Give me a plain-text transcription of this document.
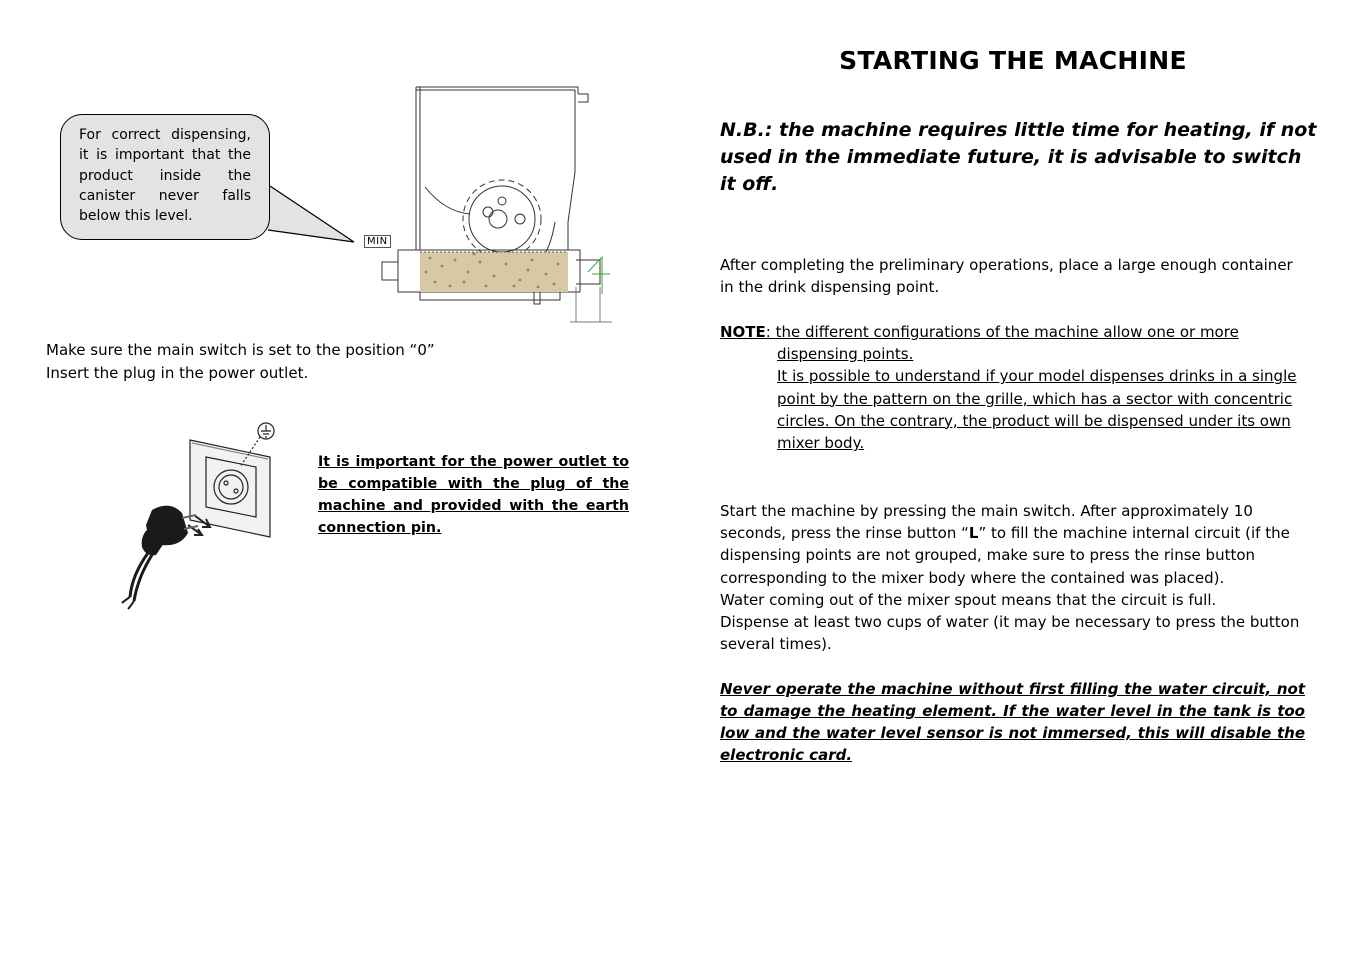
For correct dispensing, it is important that the product inside the canister never falls below this level.
MIN
Make sure the main switch is set to the position “0”
Insert the plug in the power outlet.
It is important for the power outlet to be compatible with the plug of the machine and provided with the earth connection pin.
STARTING THE MACHINE
N.B.: the machine requires little time for heating, if not used in the immediate future, it is advisable to switch it off.
After completing the preliminary operations, place a large enough container in the drink dispensing point.
NOTE: the different configurations of the machine allow one or more
dispensing points.
It is possible to understand if your model dispenses drinks in a single point by the pattern on the grille, which has a sector with concentric circles. On the contrary, the product will be dispensed under its own mixer body.
Start the machine by pressing the main switch. After approximately 10 seconds, press the rinse button “L” to fill the machine internal circuit (if the dispensing points are not grouped, make sure to press the rinse button corresponding to the mixer body where the contained was placed).
Water coming out of the mixer spout means that the circuit is full.
Dispense at least two cups of water (it may be necessary to press the button several times).
Never operate the machine without first filling the water circuit, not to damage the heating element. If the water level in the tank is too low and the water level sensor is not immersed, this will disable the electronic card.
